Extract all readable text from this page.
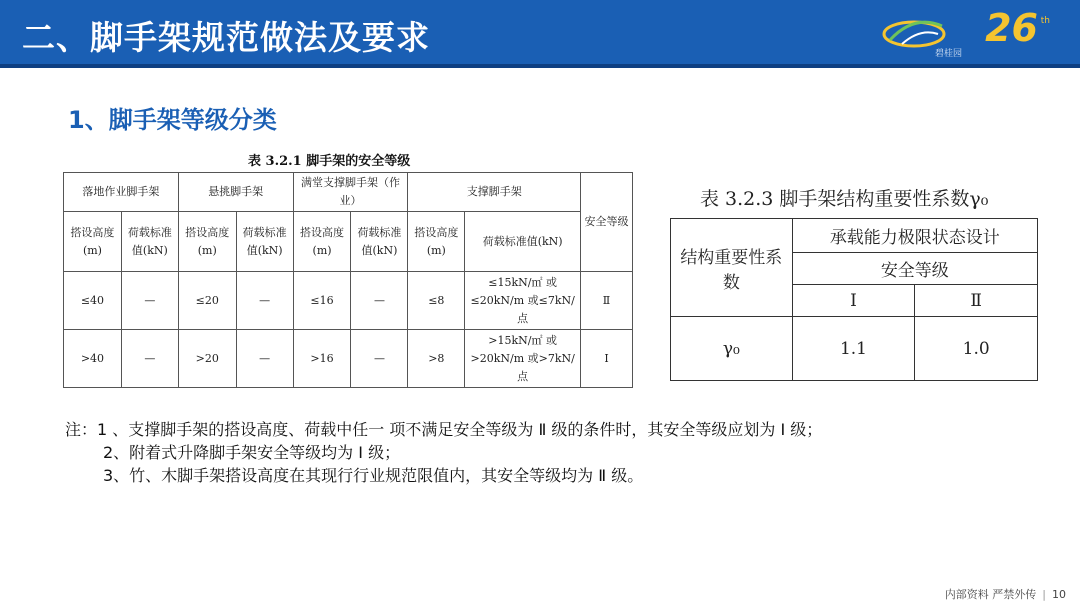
二、脚手架规范做法及要求	碧桂园
26 th
1、脚手架等级分类
表 3.2.1 脚手架的安全等级
落地作业脚手架		悬挑脚手架		满堂支撑脚手架（作业）		支撑脚手架		安全等级
搭设高度(m)	荷载标准值(kN)	搭设高度(m)	荷载标准值(kN)	搭设高度(m)	荷载标准值(kN)	搭设高度(m)	荷载标准值(kN)	
≤40	—	≤20	—	≤16	—	≤8	≤15kN/㎡ 或≤20kN/m 或≤7kN/点	Ⅱ
>40	—	>20	—	>16	—	>8	>15kN/㎡ 或>20kN/m 或>7kN/点	Ⅰ
表 3.2.3 脚手架结构重要性系数γ₀
结构重要性系数	承载能力极限状态设计	
	安全等级	
	Ⅰ	Ⅱ
γ₀	1.1	1.0
注：1 、支撑脚手架的搭设高度、荷载中任一 项不满足安全等级为 Ⅱ 级的条件时，其安全等级应划为 Ⅰ 级；
2、附着式升降脚手架安全等级均为 Ⅰ 级；
3、竹、木脚手架搭设高度在其现行行业规范限值内，其安全等级均为 Ⅱ 级。
内部资料 严禁外传 | 10
